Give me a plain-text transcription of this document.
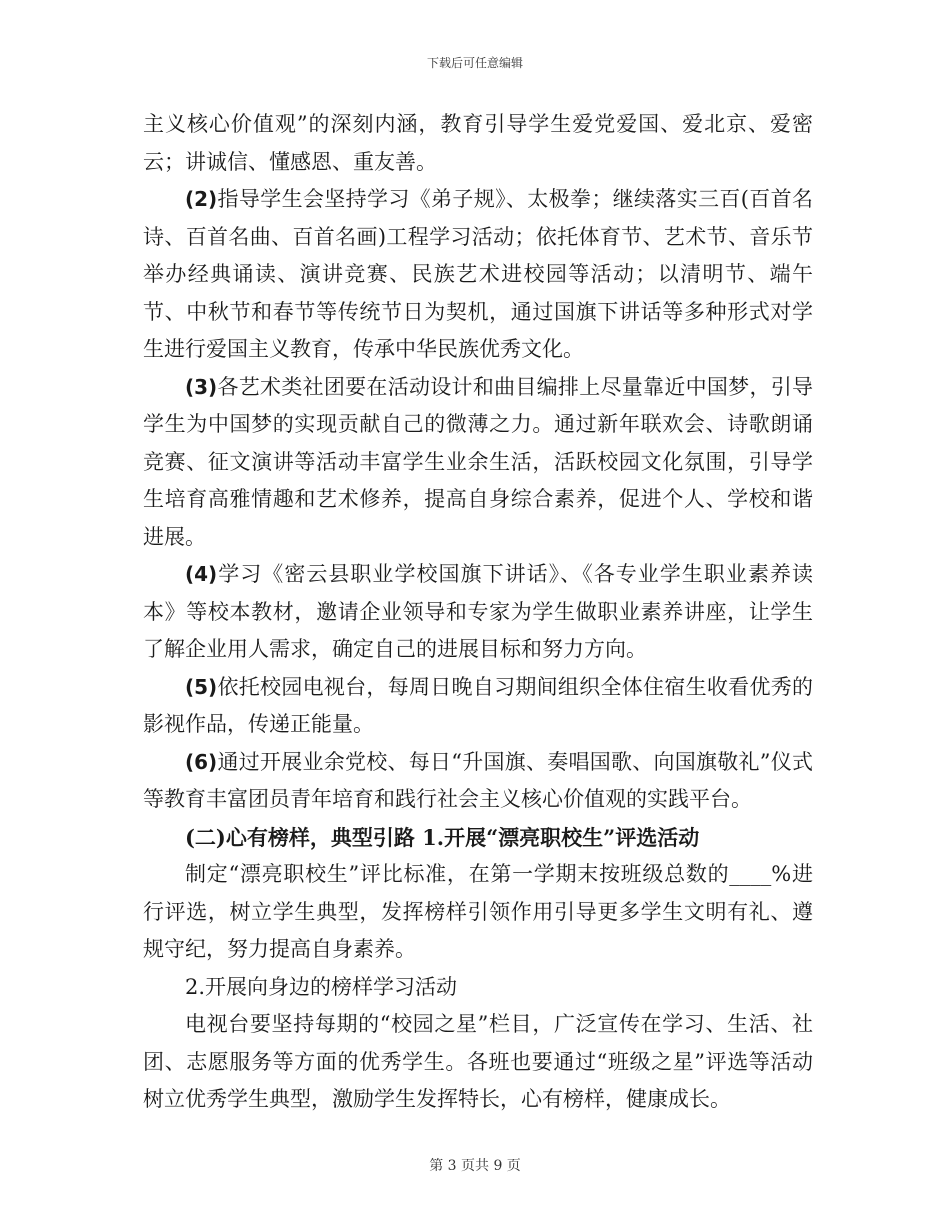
下载后可任意编辑

主义核心价值观”的深刻内涵，教育引导学生爱党爱国、爱北京、爱密云；讲诚信、懂感恩、重友善。

(2)指导学生会坚持学习《弟子规》、太极拳；继续落实三百(百首名诗、百首名曲、百首名画)工程学习活动；依托体育节、艺术节、音乐节举办经典诵读、演讲竞赛、民族艺术进校园等活动；以清明节、端午节、中秋节和春节等传统节日为契机，通过国旗下讲话等多种形式对学生进行爱国主义教育，传承中华民族优秀文化。

(3)各艺术类社团要在活动设计和曲目编排上尽量靠近中国梦，引导学生为中国梦的实现贡献自己的微薄之力。通过新年联欢会、诗歌朗诵竞赛、征文演讲等活动丰富学生业余生活，活跃校园文化氛围，引导学生培育高雅情趣和艺术修养，提高自身综合素养，促进个人、学校和谐进展。

(4)学习《密云县职业学校国旗下讲话》、《各专业学生职业素养读本》等校本教材，邀请企业领导和专家为学生做职业素养讲座，让学生了解企业用人需求，确定自己的进展目标和努力方向。

(5)依托校园电视台，每周日晚自习期间组织全体住宿生收看优秀的影视作品，传递正能量。

(6)通过开展业余党校、每日“升国旗、奏唱国歌、向国旗敬礼”仪式等教育丰富团员青年培育和践行社会主义核心价值观的实践平台。

(二)心有榜样，典型引路 1.开展“漂亮职校生”评选活动

制定“漂亮职校生”评比标准，在第一学期末按班级总数的____%进行评选，树立学生典型，发挥榜样引领作用引导更多学生文明有礼、遵规守纪，努力提高自身素养。

2.开展向身边的榜样学习活动

电视台要坚持每期的“校园之星”栏目，广泛宣传在学习、生活、社团、志愿服务等方面的优秀学生。各班也要通过“班级之星”评选等活动树立优秀学生典型，激励学生发挥特长，心有榜样，健康成长。

第 3 页共 9 页
